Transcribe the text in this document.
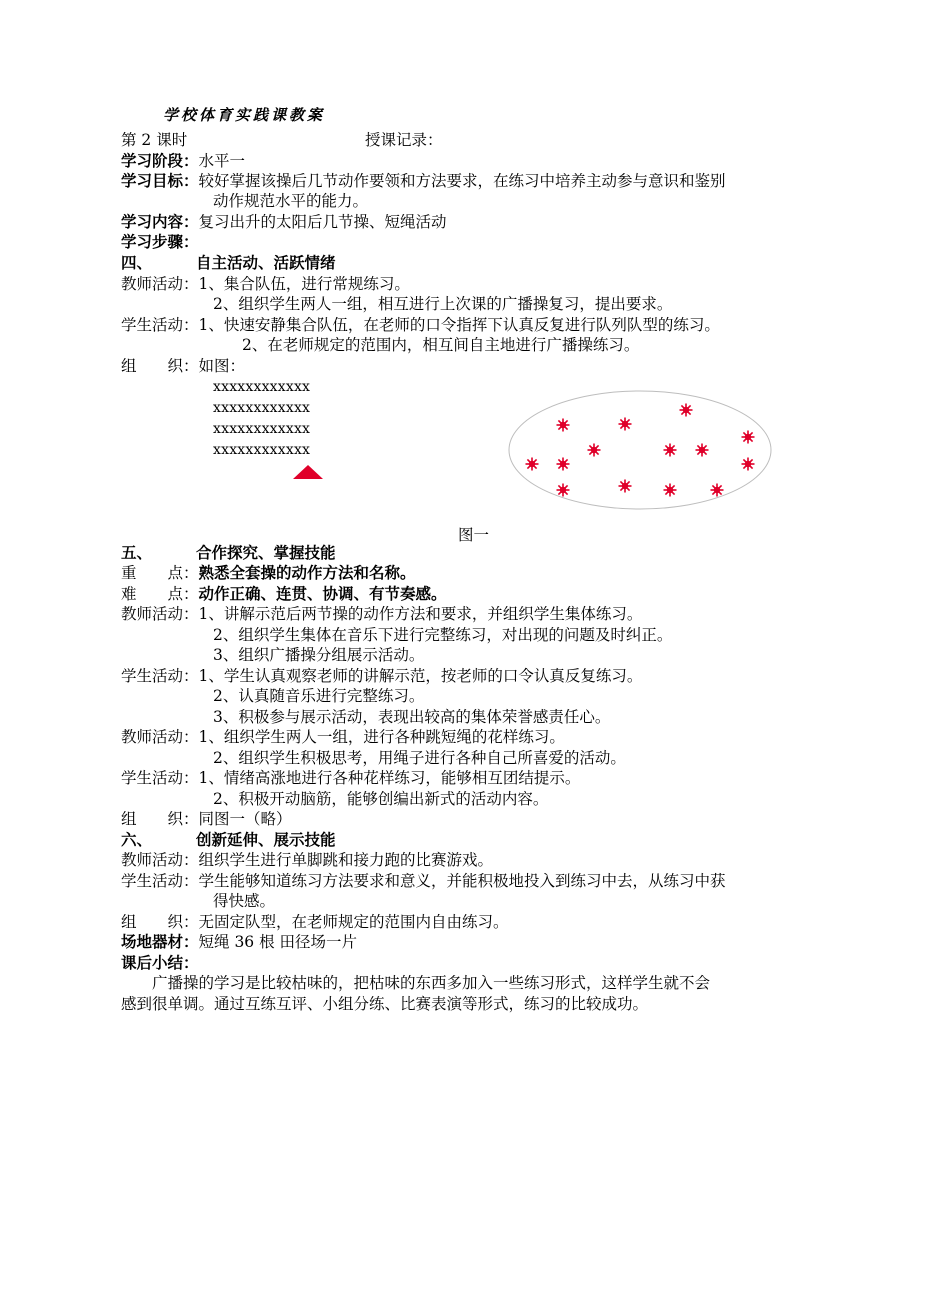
学校体育实践课教案
第 2 课时	授课记录：
学习阶段：水平一
学习目标：较好掌握该操后几节动作要领和方法要求，在练习中培养主动参与意识和鉴别
动作规范水平的能力。
学习内容：复习出升的太阳后几节操、短绳活动
学习步骤：
四、	自主活动、活跃情绪
教师活动：1、集合队伍，进行常规练习。
2、组织学生两人一组，相互进行上次课的广播操复习，提出要求。
学生活动：1、快速安静集合队伍，在老师的口令指挥下认真反复进行队列队型的练习。
2、在老师规定的范围内，相互间自主地进行广播操练习。
组　　织：如图：
xxxxxxxxxxxx
xxxxxxxxxxxx
xxxxxxxxxxxx
xxxxxxxxxxxx
图一
五、	合作探究、掌握技能
重　　点：熟悉全套操的动作方法和名称。
难　　点：动作正确、连贯、协调、有节奏感。
教师活动：1、讲解示范后两节操的动作方法和要求，并组织学生集体练习。
2、组织学生集体在音乐下进行完整练习，对出现的问题及时纠正。
3、组织广播操分组展示活动。
学生活动：1、学生认真观察老师的讲解示范，按老师的口令认真反复练习。
2、认真随音乐进行完整练习。
3、积极参与展示活动，表现出较高的集体荣誉感责任心。
教师活动：1、组织学生两人一组，进行各种跳短绳的花样练习。
2、组织学生积极思考，用绳子进行各种自己所喜爱的活动。
学生活动：1、情绪高涨地进行各种花样练习，能够相互团结提示。
2、积极开动脑筋，能够创编出新式的活动内容。
组　　织：同图一（略）
六、	创新延伸、展示技能
教师活动：组织学生进行单脚跳和接力跑的比赛游戏。
学生活动：学生能够知道练习方法要求和意义，并能积极地投入到练习中去，从练习中获
得快感。
组　　织：无固定队型，在老师规定的范围内自由练习。
场地器材：短绳 36 根 田径场一片
课后小结：
广播操的学习是比较枯味的，把枯味的东西多加入一些练习形式，这样学生就不会
感到很单调。通过互练互评、小组分练、比赛表演等形式，练习的比较成功。
